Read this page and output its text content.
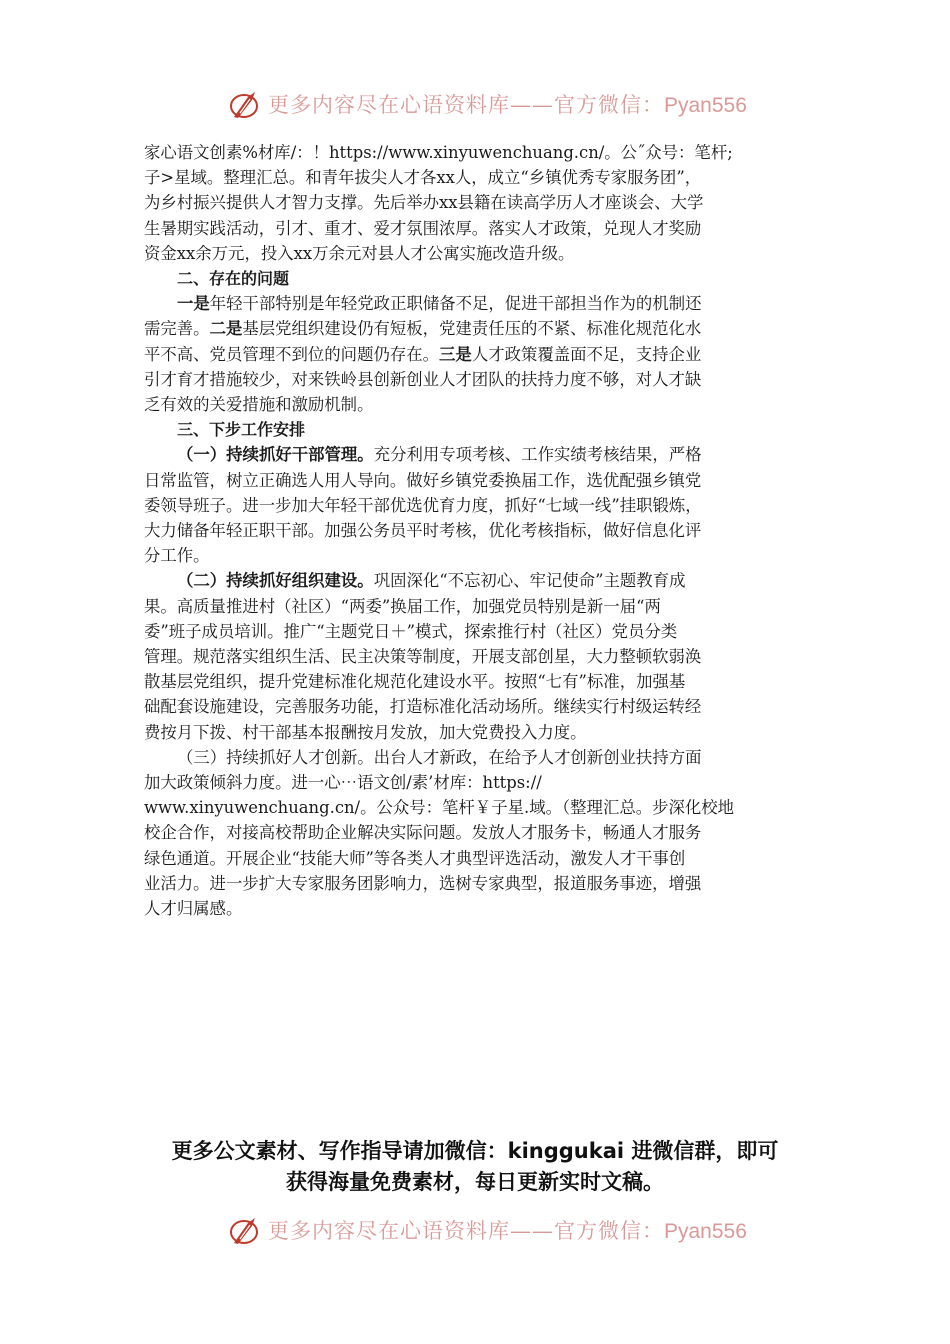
更多内容尽在心语资料库——官方微信：Pyan556

家心语文创素%材库/：！https://www.xinyuwenchuang.cn/。公˝众号：笔杆;
子>星域。整理汇总。和青年拔尖人才各xx人，成立“乡镇优秀专家服务团”，
为乡村振兴提供人才智力支撑。先后举办xx县籍在读高学历人才座谈会、大学
生暑期实践活动，引才、重才、爱才氛围浓厚。落实人才政策，兑现人才奖励
资金xx余万元，投入xx万余元对县人才公寓实施改造升级。

二、存在的问题

一是年轻干部特别是年轻党政正职储备不足，促进干部担当作为的机制还
需完善。二是基层党组织建设仍有短板，党建责任压的不紧、标准化规范化水
平不高、党员管理不到位的问题仍存在。三是人才政策覆盖面不足，支持企业
引才育才措施较少，对来铁岭县创新创业人才团队的扶持力度不够，对人才缺
乏有效的关爱措施和激励机制。

三、下步工作安排

（一）持续抓好干部管理。充分利用专项考核、工作实绩考核结果，严格
日常监管，树立正确选人用人导向。做好乡镇党委换届工作，选优配强乡镇党
委领导班子。进一步加大年轻干部优选优育力度，抓好“七域一线”挂职锻炼，
大力储备年轻正职干部。加强公务员平时考核，优化考核指标，做好信息化评
分工作。

（二）持续抓好组织建设。巩固深化“不忘初心、牢记使命”主题教育成
果。高质量推进村（社区）“两委”换届工作，加强党员特别是新一届“两
委”班子成员培训。推广“主题党日＋”模式，探索推行村（社区）党员分类
管理。规范落实组织生活、民主决策等制度，开展支部创星，大力整顿软弱涣
散基层党组织，提升党建标准化规范化建设水平。按照“七有”标准，加强基
础配套设施建设，完善服务功能，打造标准化活动场所。继续实行村级运转经
费按月下拨、村干部基本报酬按月发放，加大党费投入力度。

（三）持续抓好人才创新。出台人才新政，在给予人才创新创业扶持方面
加大政策倾斜力度。进一心⋯语文创/素’材库：https://
www.xinyuwenchuang.cn/。公众号：笔杆￥子星.域。（整理汇总。步深化校地
校企合作，对接高校帮助企业解决实际问题。发放人才服务卡，畅通人才服务
绿色通道。开展企业“技能大师”等各类人才典型评选活动，激发人才干事创
业活力。进一步扩大专家服务团影响力，选树专家典型，报道服务事迹，增强
人才归属感。

更多公文素材、写作指导请加微信：kinggukai 进微信群，即可
获得海量免费素材，每日更新实时文稿。
更多内容尽在心语资料库——官方微信：Pyan556
